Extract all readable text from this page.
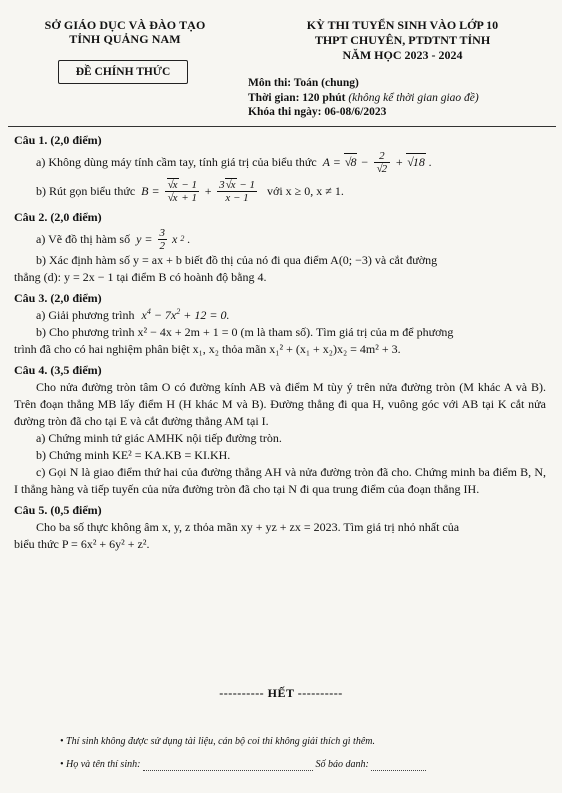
SỞ GIÁO DỤC VÀ ĐÀO TẠO
TỈNH QUẢNG NAM
ĐỀ CHÍNH THỨC
KỲ THI TUYỂN SINH VÀO LỚP 10
THPT CHUYÊN, PTDTNT TỈNH
NĂM HỌC 2023 - 2024
Môn thi: Toán (chung)
Thời gian: 120 phút (không kể thời gian giao đề)
Khóa thi ngày: 06-08/6/2023
Câu 1. (2,0 điểm)
a) Không dùng máy tính cầm tay, tính giá trị của biểu thức A = √ 8 − 2
√ 2 + √ 18 .
b) Rút gọn biểu thức B = √ x − 1
√ $x + 1 + \frac{3 √ x - 1}{x - 1}$ với x ≥ 0, x ≠ 1.
Câu 2. (2,0 điểm)
a) Vẽ đồ thị hàm số $y = \frac{3}{2}$ x 2 .
b) Xác định hàm số y = ax + b biết đồ thị của nó đi qua điểm A(0; −3) và cắt đường
thẳng (d): y = 2x − 1 tại điểm B có hoành độ bằng 4.
Câu 3. (2,0 điểm)
a) Giải phương trình $x^4 - 7x^2 + 12 = 0$.
b) Cho phương trình x² − 4x + 2m + 1 = 0 (m là tham số). Tìm giá trị của m để phương
trình đã cho có hai nghiệm phân biệt x₁, x₂ thỏa mãn x₁² + (x₁ + x₂)x₂ = 4m² + 3.
Câu 4. (3,5 điểm)
Cho nửa đường tròn tâm O có đường kính AB và điểm M tùy ý trên nửa đường tròn (M khác A và B). Trên đoạn thẳng MB lấy điểm H (H khác M và B). Đường thẳng đi qua H, vuông góc với AB tại K cắt nửa đường tròn đã cho tại E và cắt đường thẳng AM tại I.
a) Chứng minh tứ giác AMHK nội tiếp đường tròn.
b) Chứng minh KE² = KA.KB = KI.KH.
c) Gọi N là giao điểm thứ hai của đường thẳng AH và nửa đường tròn đã cho. Chứng minh ba điểm B, N, I thẳng hàng và tiếp tuyến của nửa đường tròn đã cho tại N đi qua trung điểm của đoạn thẳng IH.
Câu 5. (0,5 điểm)
Cho ba số thực không âm x, y, z thỏa mãn xy + yz + zx = 2023. Tìm giá trị nhỏ nhất của
biểu thức P = 6x² + 6y² + z².
---------- HẾT ----------
• Thí sinh không được sử dụng tài liệu, cán bộ coi thi không giải thích gì thêm.
• Họ và tên thí sinh:	Số báo danh:
